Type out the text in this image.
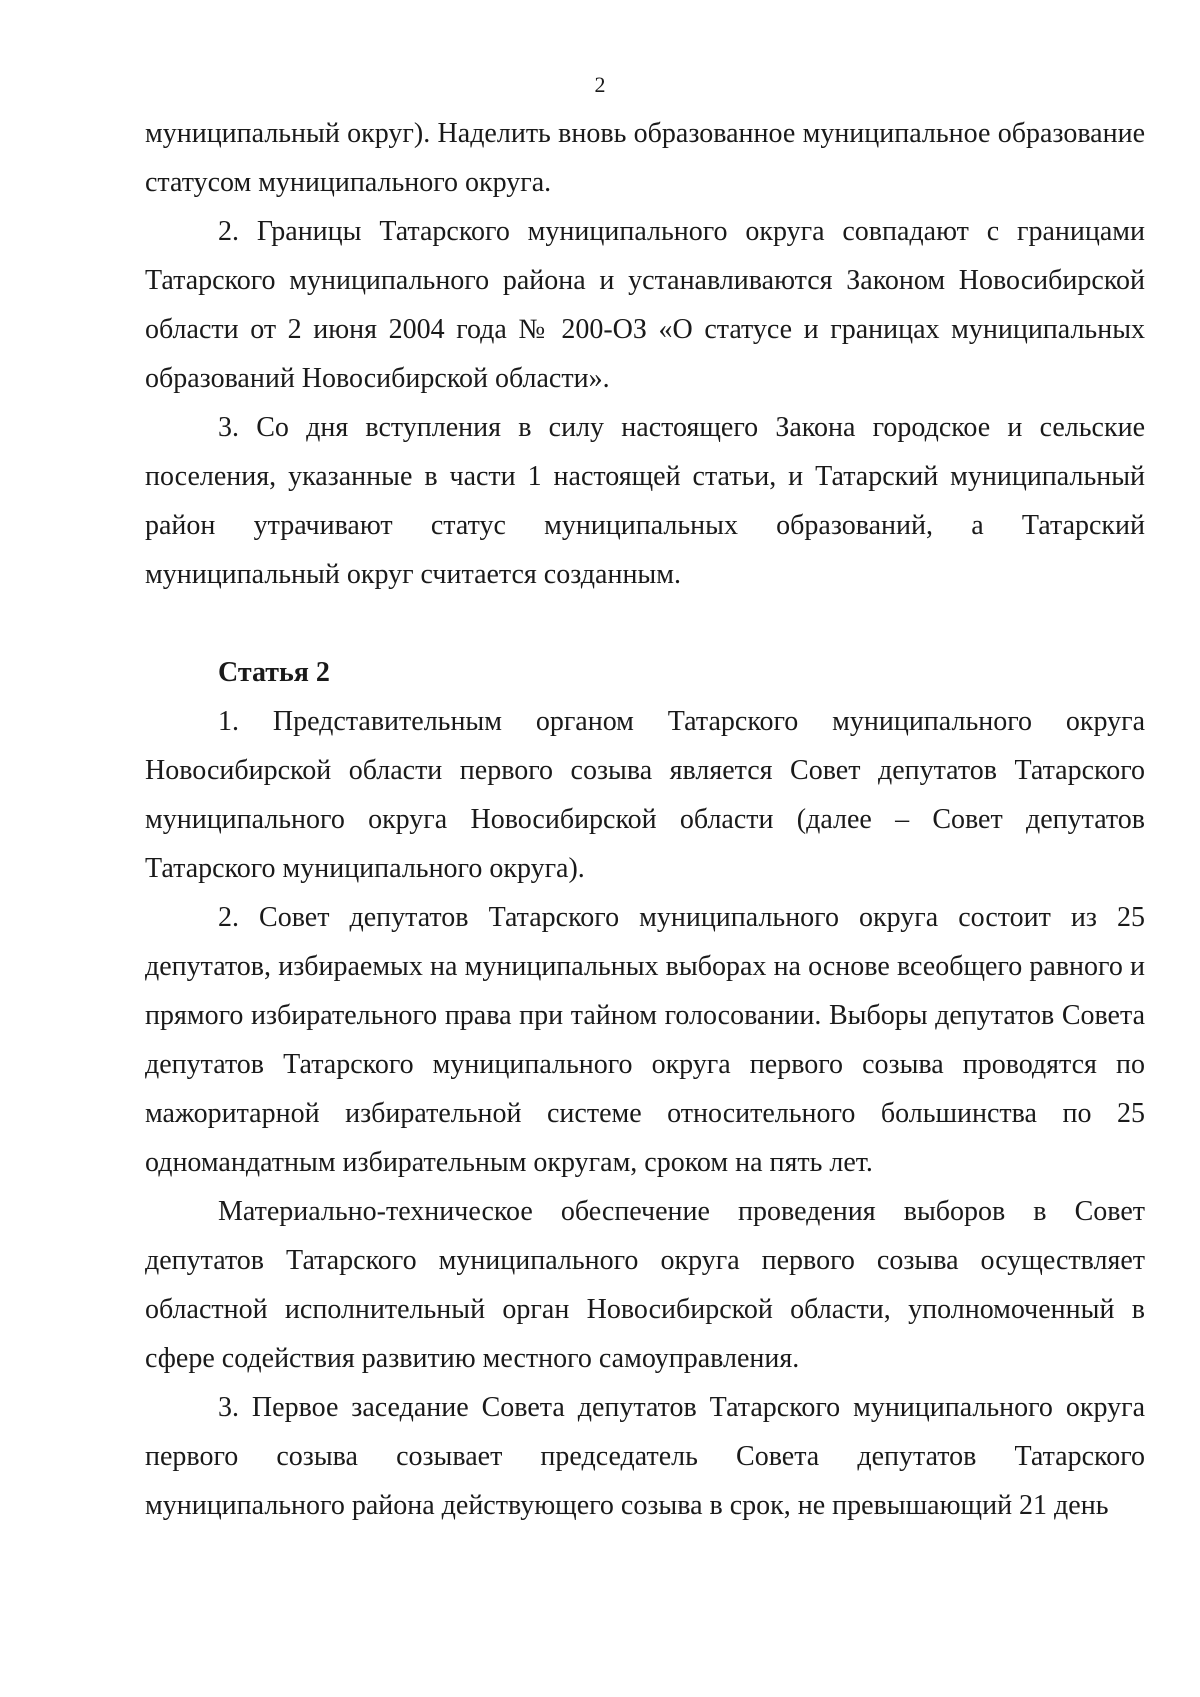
2

муниципальный округ). Наделить вновь образованное муниципальное образование статусом муниципального округа.

2. Границы Татарского муниципального округа совпадают с границами Татарского муниципального района и устанавливаются Законом Новосибирской области от 2 июня 2004 года № 200-ОЗ «О статусе и границах муниципальных образований Новосибирской области».

3. Со дня вступления в силу настоящего Закона городское и сельские поселения, указанные в части 1 настоящей статьи, и Татарский муниципальный район утрачивают статус муниципальных образований, а Татарский муниципальный округ считается созданным.

Статья 2

1. Представительным органом Татарского муниципального округа Новосибирской области первого созыва является Совет депутатов Татарского муниципального округа Новосибирской области (далее – Совет депутатов Татарского муниципального округа).

2. Совет депутатов Татарского муниципального округа состоит из 25 депутатов, избираемых на муниципальных выборах на основе всеобщего равного и прямого избирательного права при тайном голосовании. Выборы депутатов Совета депутатов Татарского муниципального округа первого созыва проводятся по мажоритарной избирательной системе относительного большинства по 25 одномандатным избирательным округам, сроком на пять лет.

Материально-техническое обеспечение проведения выборов в Совет депутатов Татарского муниципального округа первого созыва осуществляет областной исполнительный орган Новосибирской области, уполномоченный в сфере содействия развитию местного самоуправления.

3. Первое заседание Совета депутатов Татарского муниципального округа первого созыва созывает председатель Совета депутатов Татарского муниципального района действующего созыва в срок, не превышающий 21 день
